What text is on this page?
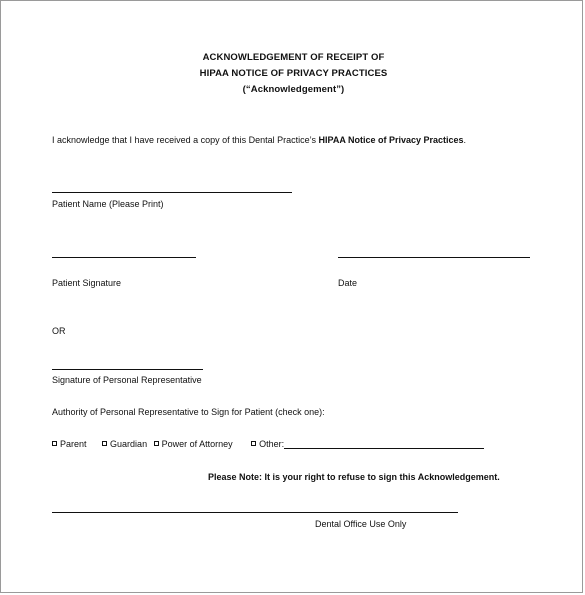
ACKNOWLEDGEMENT OF RECEIPT OF
HIPAA NOTICE OF PRIVACY PRACTICES
(“Acknowledgement”)
I acknowledge that I have received a copy of this Dental Practice’s HIPAA Notice of Privacy Practices.
Patient Name (Please Print)
Patient Signature	Date
OR
Signature of Personal Representative
Authority of Personal Representative to Sign for Patient (check one):
Parent	Guardian Power of Attorney	Other:
Please Note: It is your right to refuse to sign this Acknowledgement.
Dental Office Use Only
